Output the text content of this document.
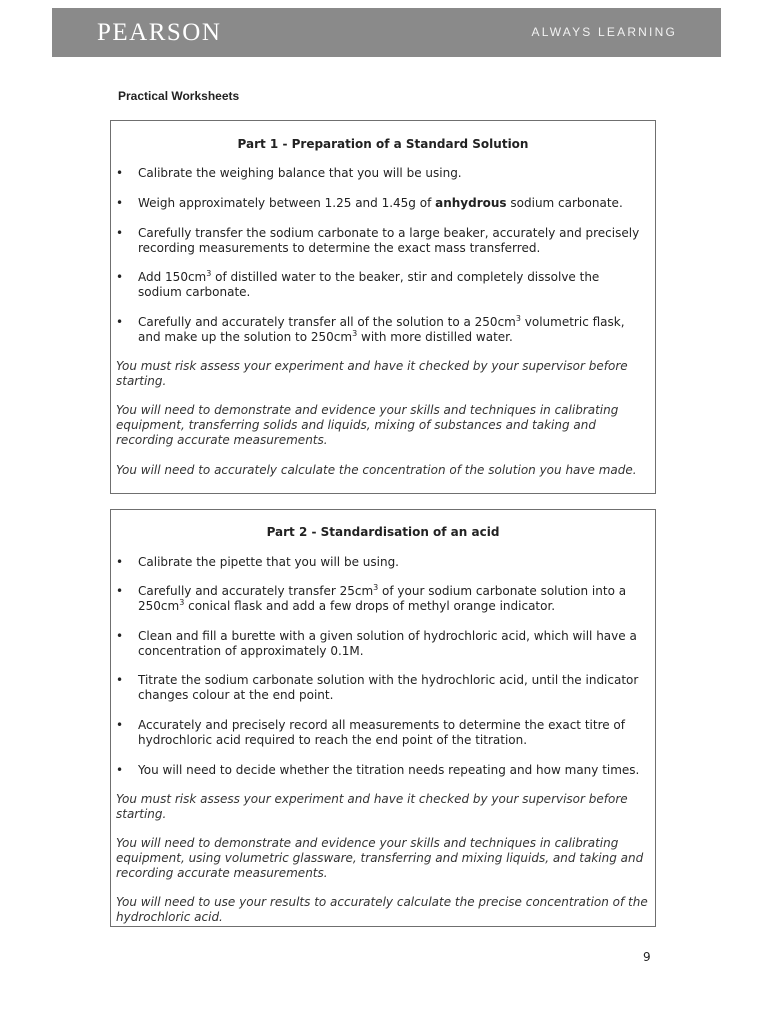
PEARSON	ALWAYS LEARNING
Practical Worksheets
Part 1 - Preparation of a Standard Solution
• Calibrate the weighing balance that you will be using.
• Weigh approximately between 1.25 and 1.45g of anhydrous sodium carbonate.
• Carefully transfer the sodium carbonate to a large beaker, accurately and precisely recording measurements to determine the exact mass transferred.
• Add $150cm^3$ of distilled water to the beaker, stir and completely dissolve the sodium carbonate.
• Carefully and accurately transfer all of the solution to a $250cm^3$ volumetric flask, and make up the solution to $250cm^3$ with more distilled water.
You must risk assess your experiment and have it checked by your supervisor before starting.
You will need to demonstrate and evidence your skills and techniques in calibrating equipment, transferring solids and liquids, mixing of substances and taking and recording accurate measurements.
You will need to accurately calculate the concentration of the solution you have made.
Part 2 - Standardisation of an acid
• Calibrate the pipette that you will be using.
• Carefully and accurately transfer $25cm^3$ of your sodium carbonate solution into a $250cm^3$ conical flask and add a few drops of methyl orange indicator.
• Clean and fill a burette with a given solution of hydrochloric acid, which will have a concentration of approximately 0.1M.
• Titrate the sodium carbonate solution with the hydrochloric acid, until the indicator changes colour at the end point.
• Accurately and precisely record all measurements to determine the exact titre of hydrochloric acid required to reach the end point of the titration.
• You will need to decide whether the titration needs repeating and how many times.
You must risk assess your experiment and have it checked by your supervisor before starting.
You will need to demonstrate and evidence your skills and techniques in calibrating equipment, using volumetric glassware, transferring and mixing liquids, and taking and recording accurate measurements.
You will need to use your results to accurately calculate the precise concentration of the hydrochloric acid.
9
